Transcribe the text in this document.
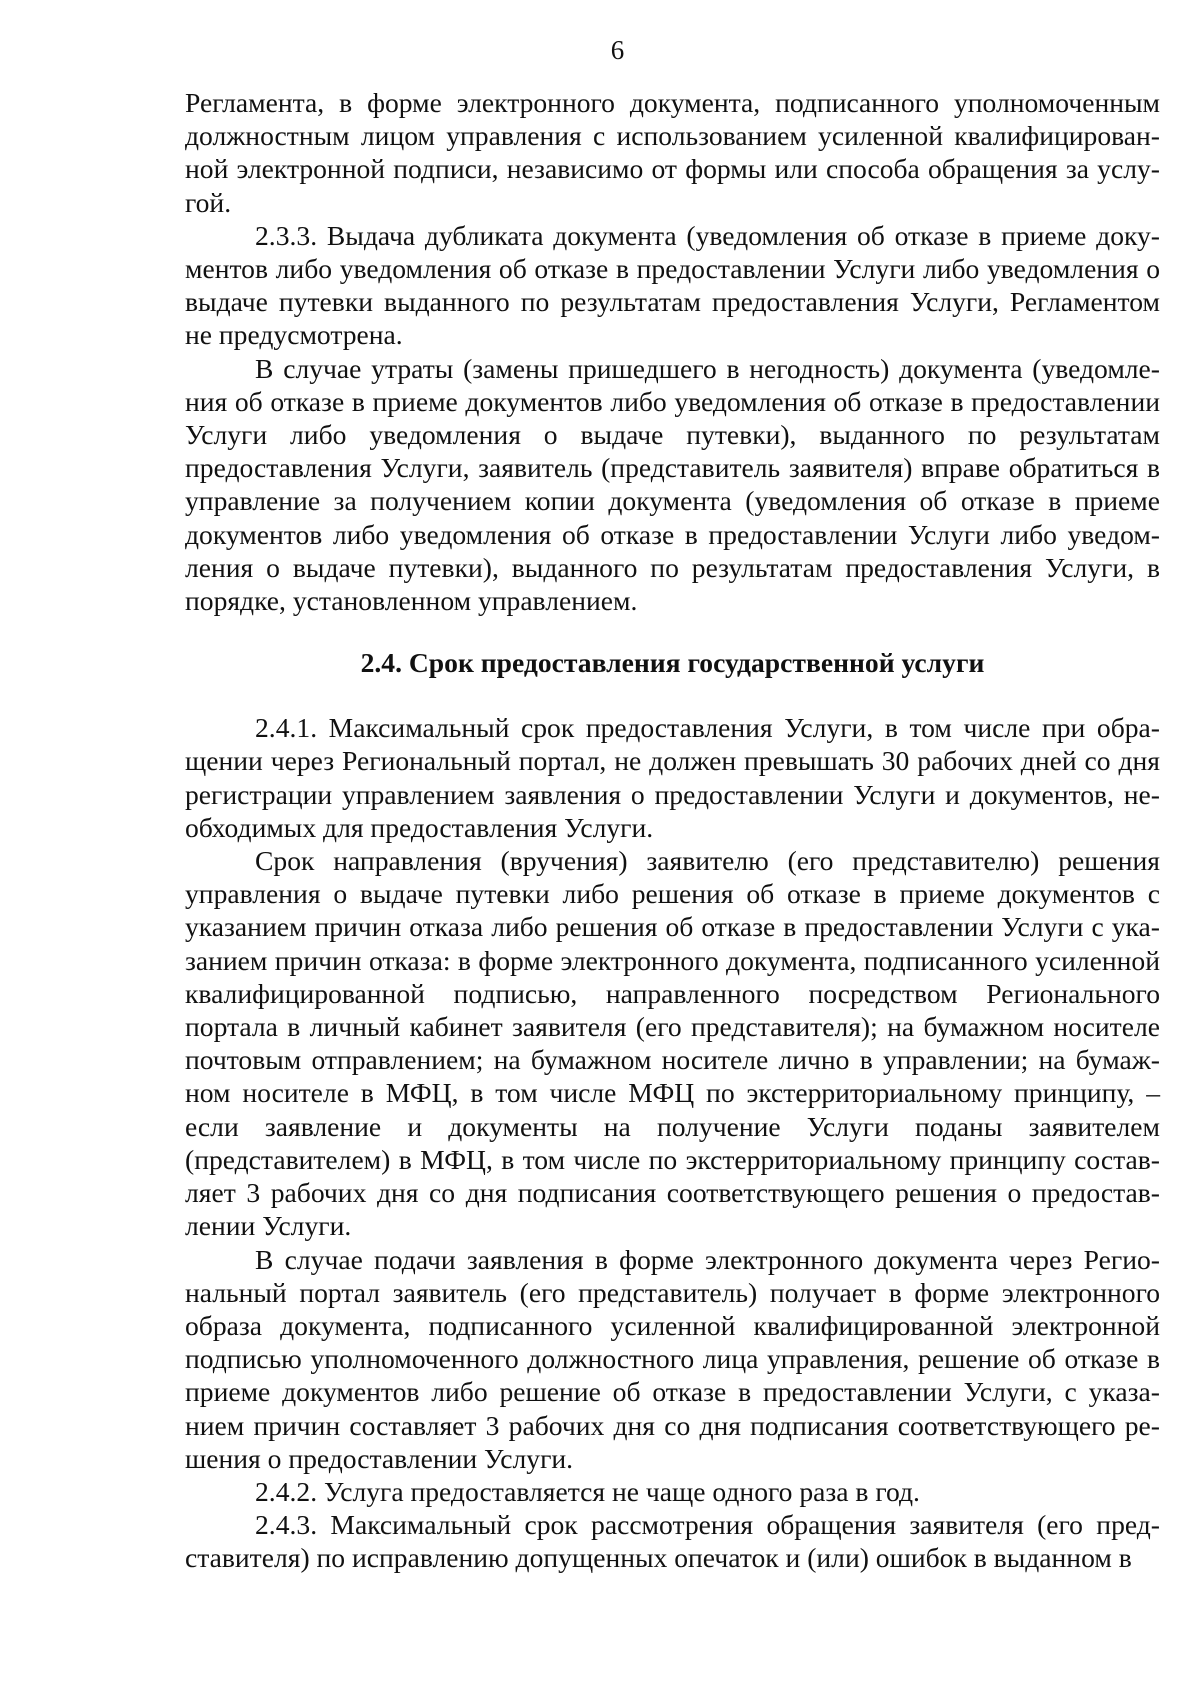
6

Регламента, в форме электронного документа, подписанного уполномоченным должностным лицом управления с использованием усиленной квалифицированной электронной подписи, независимо от формы или способа обращения за услугой.

2.3.3. Выдача дубликата документа (уведомления об отказе в приеме документов либо уведомления об отказе в предоставлении Услуги либо уведомления о выдаче путевки выданного по результатам предоставления Услуги, Регламентом не предусмотрена.

В случае утраты (замены пришедшего в негодность) документа (уведомления об отказе в приеме документов либо уведомления об отказе в предоставлении Услуги либо уведомления о выдаче путевки), выданного по результатам предоставления Услуги, заявитель (представитель заявителя) вправе обратиться в управление за получением копии документа (уведомления об отказе в приеме документов либо уведомления об отказе в предоставлении Услуги либо уведомления о выдаче путевки), выданного по результатам предоставления Услуги, в порядке, установленном управлением.

2.4. Срок предоставления государственной услуги

2.4.1. Максимальный срок предоставления Услуги, в том числе при обращении через Региональный портал, не должен превышать 30 рабочих дней со дня регистрации управлением заявления о предоставлении Услуги и документов, необходимых для предоставления Услуги.

Срок направления (вручения) заявителю (его представителю) решения управления о выдаче путевки либо решения об отказе в приеме документов с указанием причин отказа либо решения об отказе в предоставлении Услуги с указанием причин отказа: в форме электронного документа, подписанного усиленной квалифицированной подписью, направленного посредством Регионального портала в личный кабинет заявителя (его представителя); на бумажном носителе почтовым отправлением; на бумажном носителе лично в управлении; на бумажном носителе в МФЦ, в том числе МФЦ по экстерриториальному принципу, – если заявление и документы на получение Услуги поданы заявителем (представителем) в МФЦ, в том числе по экстерриториальному принципу составляет 3 рабочих дня со дня подписания соответствующего решения о предоставлении Услуги.

В случае подачи заявления в форме электронного документа через Региональный портал заявитель (его представитель) получает в форме электронного образа документа, подписанного усиленной квалифицированной электронной подписью уполномоченного должностного лица управления, решение об отказе в приеме документов либо решение об отказе в предоставлении Услуги, с указанием причин составляет 3 рабочих дня со дня подписания соответствующего решения о предоставлении Услуги.

2.4.2. Услуга предоставляется не чаще одного раза в год.

2.4.3. Максимальный срок рассмотрения обращения заявителя (его представителя) по исправлению допущенных опечаток и (или) ошибок в выданном в
